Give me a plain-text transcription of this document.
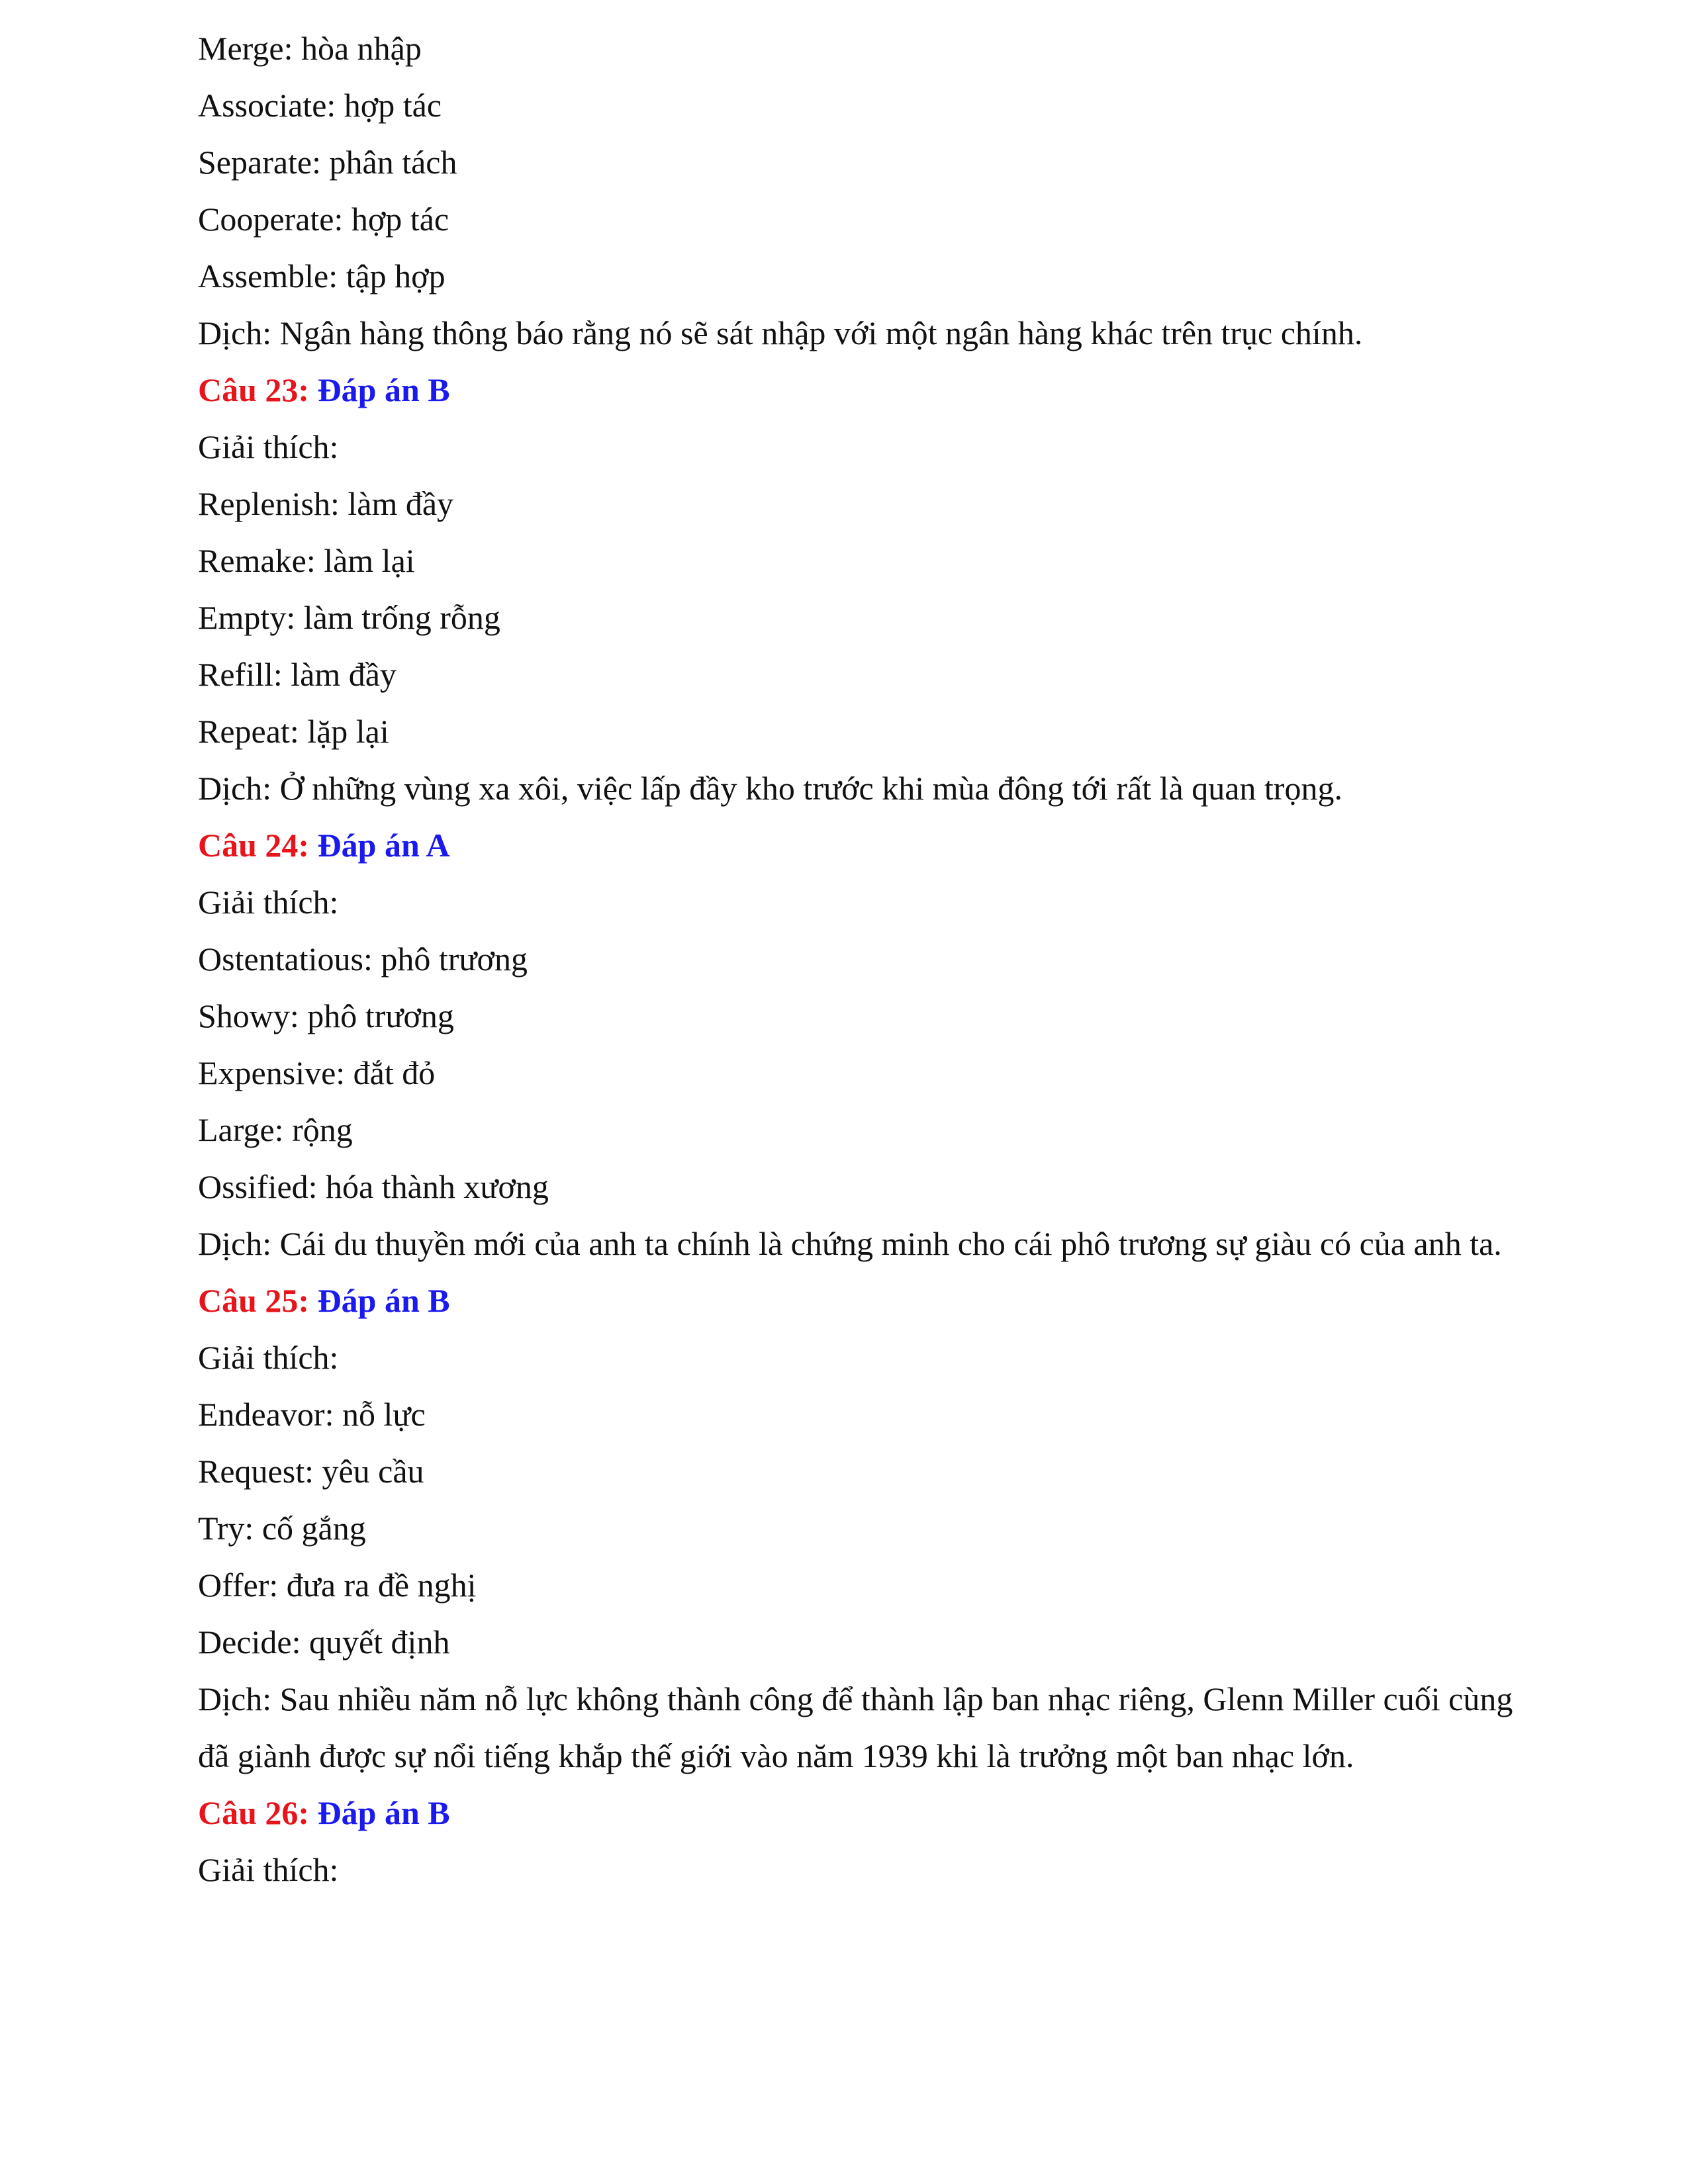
Merge: hòa nhập
Associate: hợp tác
Separate: phân tách
Cooperate: hợp tác
Assemble: tập hợp
Dịch: Ngân hàng thông báo rằng nó sẽ sát nhập với một ngân hàng khác trên trục chính.
Câu 23: Đáp án B
Giải thích:
Replenish: làm đầy
Remake: làm lại
Empty: làm trống rỗng
Refill: làm đầy
Repeat: lặp lại
Dịch: Ở những vùng xa xôi, việc lấp đầy kho trước khi mùa đông tới rất là quan trọng.
Câu 24: Đáp án A
Giải thích:
Ostentatious: phô trương
Showy: phô trương
Expensive: đắt đỏ
Large: rộng
Ossified: hóa thành xương
Dịch: Cái du thuyền mới của anh ta chính là chứng minh cho cái phô trương sự giàu có của anh ta.
Câu 25: Đáp án B
Giải thích:
Endeavor: nỗ lực
Request: yêu cầu
Try: cố gắng
Offer: đưa ra đề nghị
Decide: quyết định
Dịch: Sau nhiều năm nỗ lực không thành công để thành lập ban nhạc riêng, Glenn Miller cuối cùng
đã giành được sự nổi tiếng khắp thế giới vào năm 1939 khi là trưởng một ban nhạc lớn.
Câu 26: Đáp án B
Giải thích:
